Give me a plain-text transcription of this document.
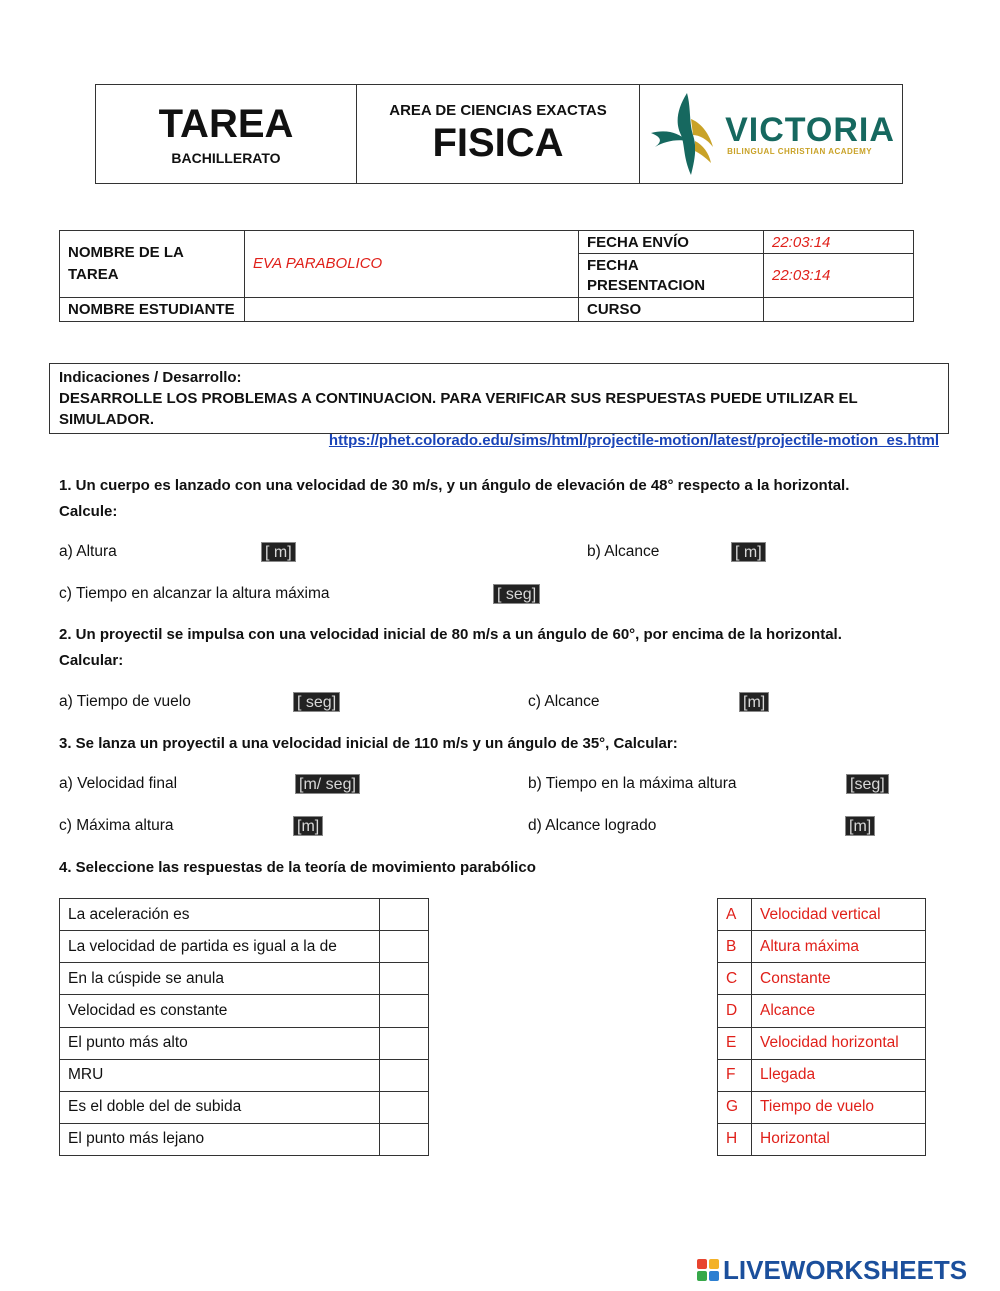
TAREA
BACHILLERATO

AREA DE CIENCIAS EXACTAS
FISICA	VICTORIA
BILINGUAL CHRISTIAN ACADEMY
NOMBRE DE LA TAREA	EVA PARABOLICO	FECHA ENVÍO	22:03:14
		FECHA PRESENTACION	22:03:14
NOMBRE ESTUDIANTE		CURSO	
Indicaciones / Desarrollo:
DESARROLLE LOS PROBLEMAS A CONTINUACION. PARA VERIFICAR SUS RESPUESTAS PUEDE UTILIZAR EL SIMULADOR.
https://phet.colorado.edu/sims/html/projectile-motion/latest/projectile-motion_es.html
1. Un cuerpo es lanzado con una velocidad de 30 m/s, y un ángulo de elevación de 48° respecto a la horizontal.
Calcule:
a) Altura	[ m]	b) Alcance	[ m]
c) Tiempo en alcanzar la altura máxima	[ seg]
2. Un proyectil se impulsa con una velocidad inicial de 80 m/s a un ángulo de 60°, por encima de la horizontal.
Calcular:
a) Tiempo de vuelo	[ seg]	c) Alcance	[m]
3. Se lanza un proyectil a una velocidad inicial de 110 m/s y un ángulo de 35°, Calcular:
a) Velocidad final	[m/ seg]	b) Tiempo en la máxima altura	[seg]
c) Máxima altura	[m]	d) Alcance logrado	[m]
4. Seleccione las respuestas de la teoría de movimiento parabólico
La aceleración es	
La velocidad de partida es igual a la de	
En la cúspide se anula	
Velocidad es constante	
El punto más alto	
MRU	
Es el doble del de subida	
El punto más lejano	
A	Velocidad vertical
B	Altura máxima
C	Constante
D	Alcance
E	Velocidad horizontal
F	Llegada
G	Tiempo de vuelo
H	Horizontal
LIVEWORKSHEETS
